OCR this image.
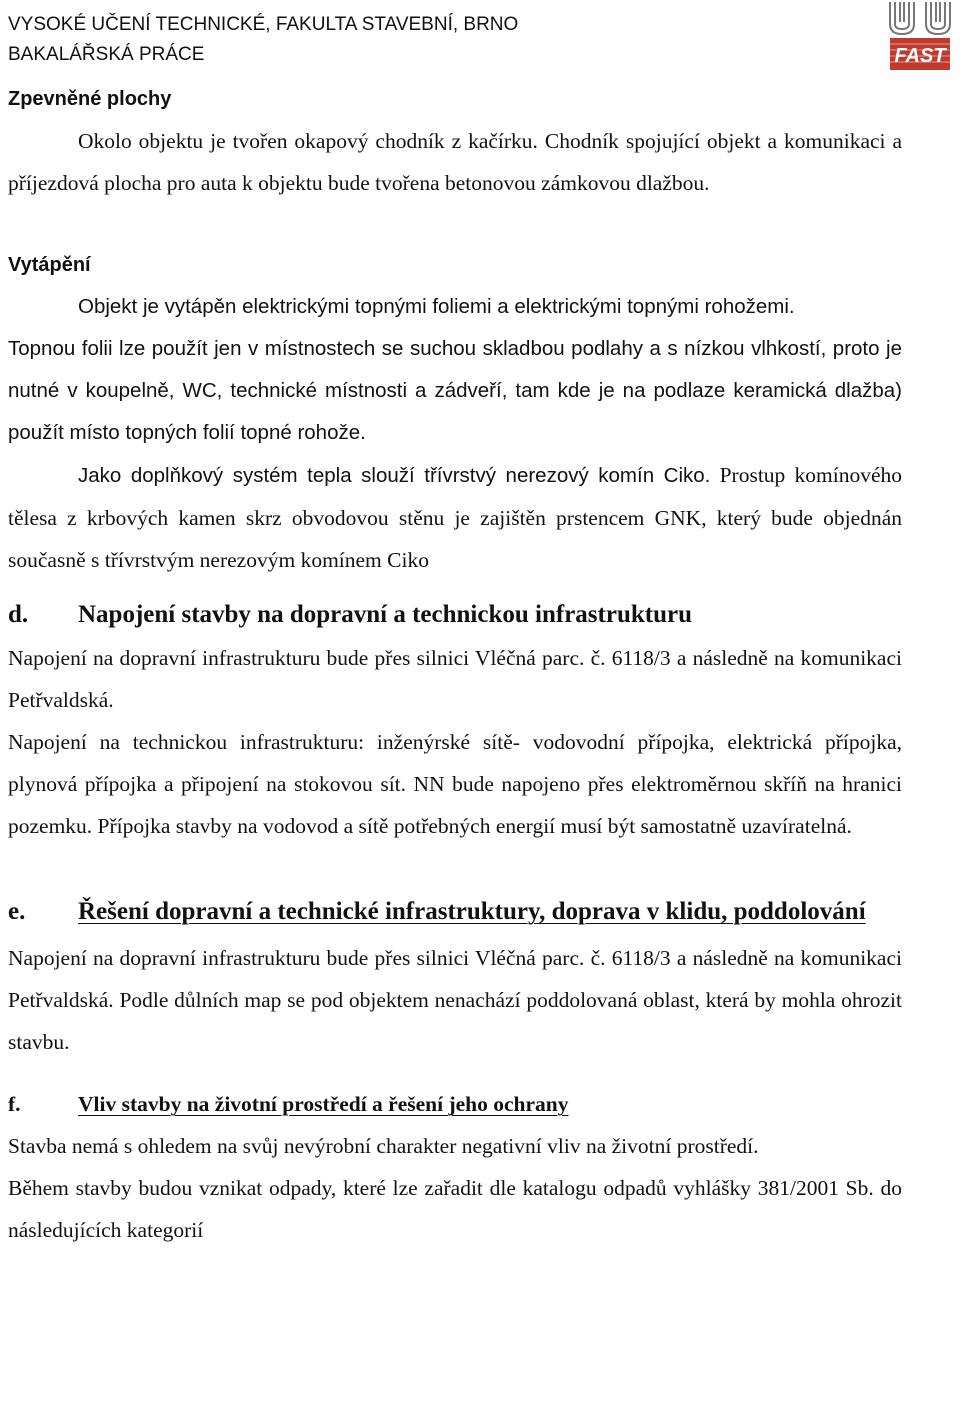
VYSOKÉ UČENÍ TECHNICKÉ, FAKULTA STAVEBNÍ, BRNO
BAKALÁŘSKÁ PRÁCE	FAST
Zpevněné plochy

Okolo objektu je tvořen okapový chodník z kačírku. Chodník spojující objekt a komunikaci a příjezdová plocha pro auta k objektu bude tvořena betonovou zámkovou dlažbou.

Vytápění

Objekt je vytápěn elektrickými topnými foliemi a elektrickými topnými rohožemi.

Topnou folii lze použít jen v místnostech se suchou skladbou podlahy a s nízkou vlhkostí, proto je nutné v koupelně, WC, technické místnosti a zádveří, tam kde je na podlaze keramická dlažba) použít místo topných folií topné rohože.

Jako doplňkový systém tepla slouží třívrstvý nerezový komín Ciko. Prostup komínového tělesa z krbových kamen skrz obvodovou stěnu je zajištěn prstencem GNK, který bude objednán současně s třívrstvým nerezovým komínem Ciko

d. Napojení stavby na dopravní a technickou infrastrukturu

Napojení na dopravní infrastrukturu bude přes silnici Vléčná parc. č. 6118/3 a následně na komunikaci Petřvaldská.

Napojení na technickou infrastrukturu: inženýrské sítě- vodovodní přípojka, elektrická přípojka, plynová přípojka a připojení na stokovou sít. NN bude napojeno přes elektroměrnou skříň na hranici pozemku. Přípojka stavby na vodovod a sítě potřebných energií musí být samostatně uzavíratelná.

e. Řešení dopravní a technické infrastruktury, doprava v klidu, poddolování

Napojení na dopravní infrastrukturu bude přes silnici Vléčná parc. č. 6118/3 a následně na komunikaci Petřvaldská. Podle důlních map se pod objektem nenachází poddolovaná oblast, která by mohla ohrozit stavbu.

f.	Vliv stavby na životní prostředí a řešení jeho ochrany

Stavba nemá s ohledem na svůj nevýrobní charakter negativní vliv na životní prostředí.

Během stavby budou vznikat odpady, které lze zařadit dle katalogu odpadů vyhlášky 381/2001 Sb. do následujících kategorií
